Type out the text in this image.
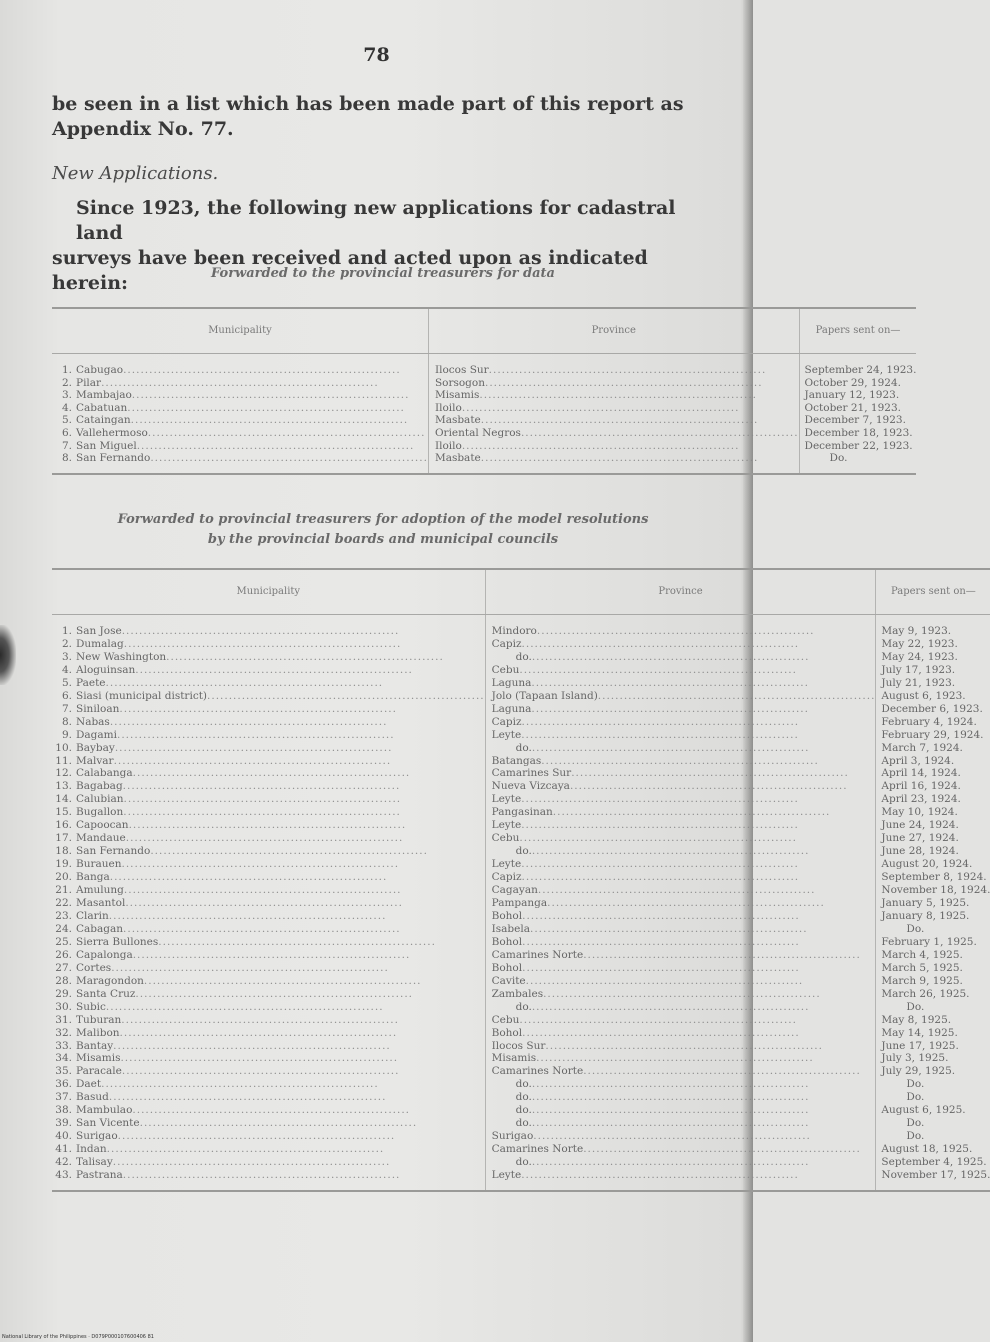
78
be seen in a list which has been made part of this report as
Appendix No. 77.
New Applications.
Since 1923, the following new applications for cadastral land
surveys have been received and acted upon as indicated herein:	Forwarded to the provincial treasurers for data
Municipality	Province	Papers sent on—
1. Cabugao................................................................	Ilocos Sur................................................................	September 24, 1923.
2. Pilar................................................................	Sorsogon................................................................	October 29, 1924.
3. Mambajao................................................................	Misamis................................................................	January 12, 1923.
4. Cabatuan................................................................	Iloilo................................................................	October 21, 1923.
5. Cataingan................................................................	Masbate................................................................	December 7, 1923.
6. Vallehermoso................................................................	Oriental Negros................................................................	December 18, 1923.
7. San Miguel................................................................	Iloilo................................................................	December 22, 1923.
8. San Fernando................................................................	Masbate................................................................	Do.
Forwarded to provincial treasurers for adoption of the model resolutions
by the provincial boards and municipal councils
Municipality	Province	Papers sent on—
1. San Jose................................................................	Mindoro................................................................	May 9, 1923.
2. Dumalag................................................................	Capiz................................................................	May 22, 1923.
3. New Washington................................................................	do.................................................................	May 24, 1923.
4. Aloguinsan................................................................	Cebu................................................................	July 17, 1923.
5. Paete................................................................	Laguna................................................................	July 21, 1923.
6. Siasi (municipal district)................................................................	Jolo (Tapaan Island)................................................................	August 6, 1923.
7. Siniloan................................................................	Laguna................................................................	December 6, 1923.
8. Nabas................................................................	Capiz................................................................	February 4, 1924.
9. Dagami................................................................	Leyte................................................................	February 29, 1924.
10. Baybay................................................................	do.................................................................	March 7, 1924.
11. Malvar................................................................	Batangas................................................................	April 3, 1924.
12. Calabanga................................................................	Camarines Sur................................................................	April 14, 1924.
13. Bagabag................................................................	Nueva Vizcaya................................................................	April 16, 1924.
14. Calubian................................................................	Leyte................................................................	April 23, 1924.
15. Bugallon................................................................	Pangasinan................................................................	May 10, 1924.
16. Capoocan................................................................	Leyte................................................................	June 24, 1924.
17. Mandaue................................................................	Cebu................................................................	June 27, 1924.
18. San Fernando................................................................	do.................................................................	June 28, 1924.
19. Burauen................................................................	Leyte................................................................	August 20, 1924.
20. Banga................................................................	Capiz................................................................	September 8, 1924.
21. Amulung................................................................	Cagayan................................................................	November 18, 1924.
22. Masantol................................................................	Pampanga................................................................	January 5, 1925.
23. Clarin................................................................	Bohol................................................................	January 8, 1925.
24. Cabagan................................................................	Isabela................................................................	Do.
25. Sierra Bullones................................................................	Bohol................................................................	February 1, 1925.
26. Capalonga................................................................	Camarines Norte................................................................	March 4, 1925.
27. Cortes................................................................	Bohol................................................................	March 5, 1925.
28. Maragondon................................................................	Cavite................................................................	March 9, 1925.
29. Santa Cruz................................................................	Zambales................................................................	March 26, 1925.
30. Subic................................................................	do.................................................................	Do.
31. Tuburan................................................................	Cebu................................................................	May 8, 1925.
32. Malibon................................................................	Bohol................................................................	May 14, 1925.
33. Bantay................................................................	Ilocos Sur................................................................	June 17, 1925.
34. Misamis................................................................	Misamis................................................................	July 3, 1925.
35. Paracale................................................................	Camarines Norte................................................................	July 29, 1925.
36. Daet................................................................	do.................................................................	Do.
37. Basud................................................................	do.................................................................	Do.
38. Mambulao................................................................	do.................................................................	August 6, 1925.
39. San Vicente................................................................	do.................................................................	Do.
40. Surigao................................................................	Surigao................................................................	Do.
41. Indan................................................................	Camarines Norte................................................................	August 18, 1925.
42. Talisay................................................................	do.................................................................	September 4, 1925.
43. Pastrana................................................................	Leyte................................................................	November 17, 1925.
National Library of the Philippines · D079P000107600406 81
